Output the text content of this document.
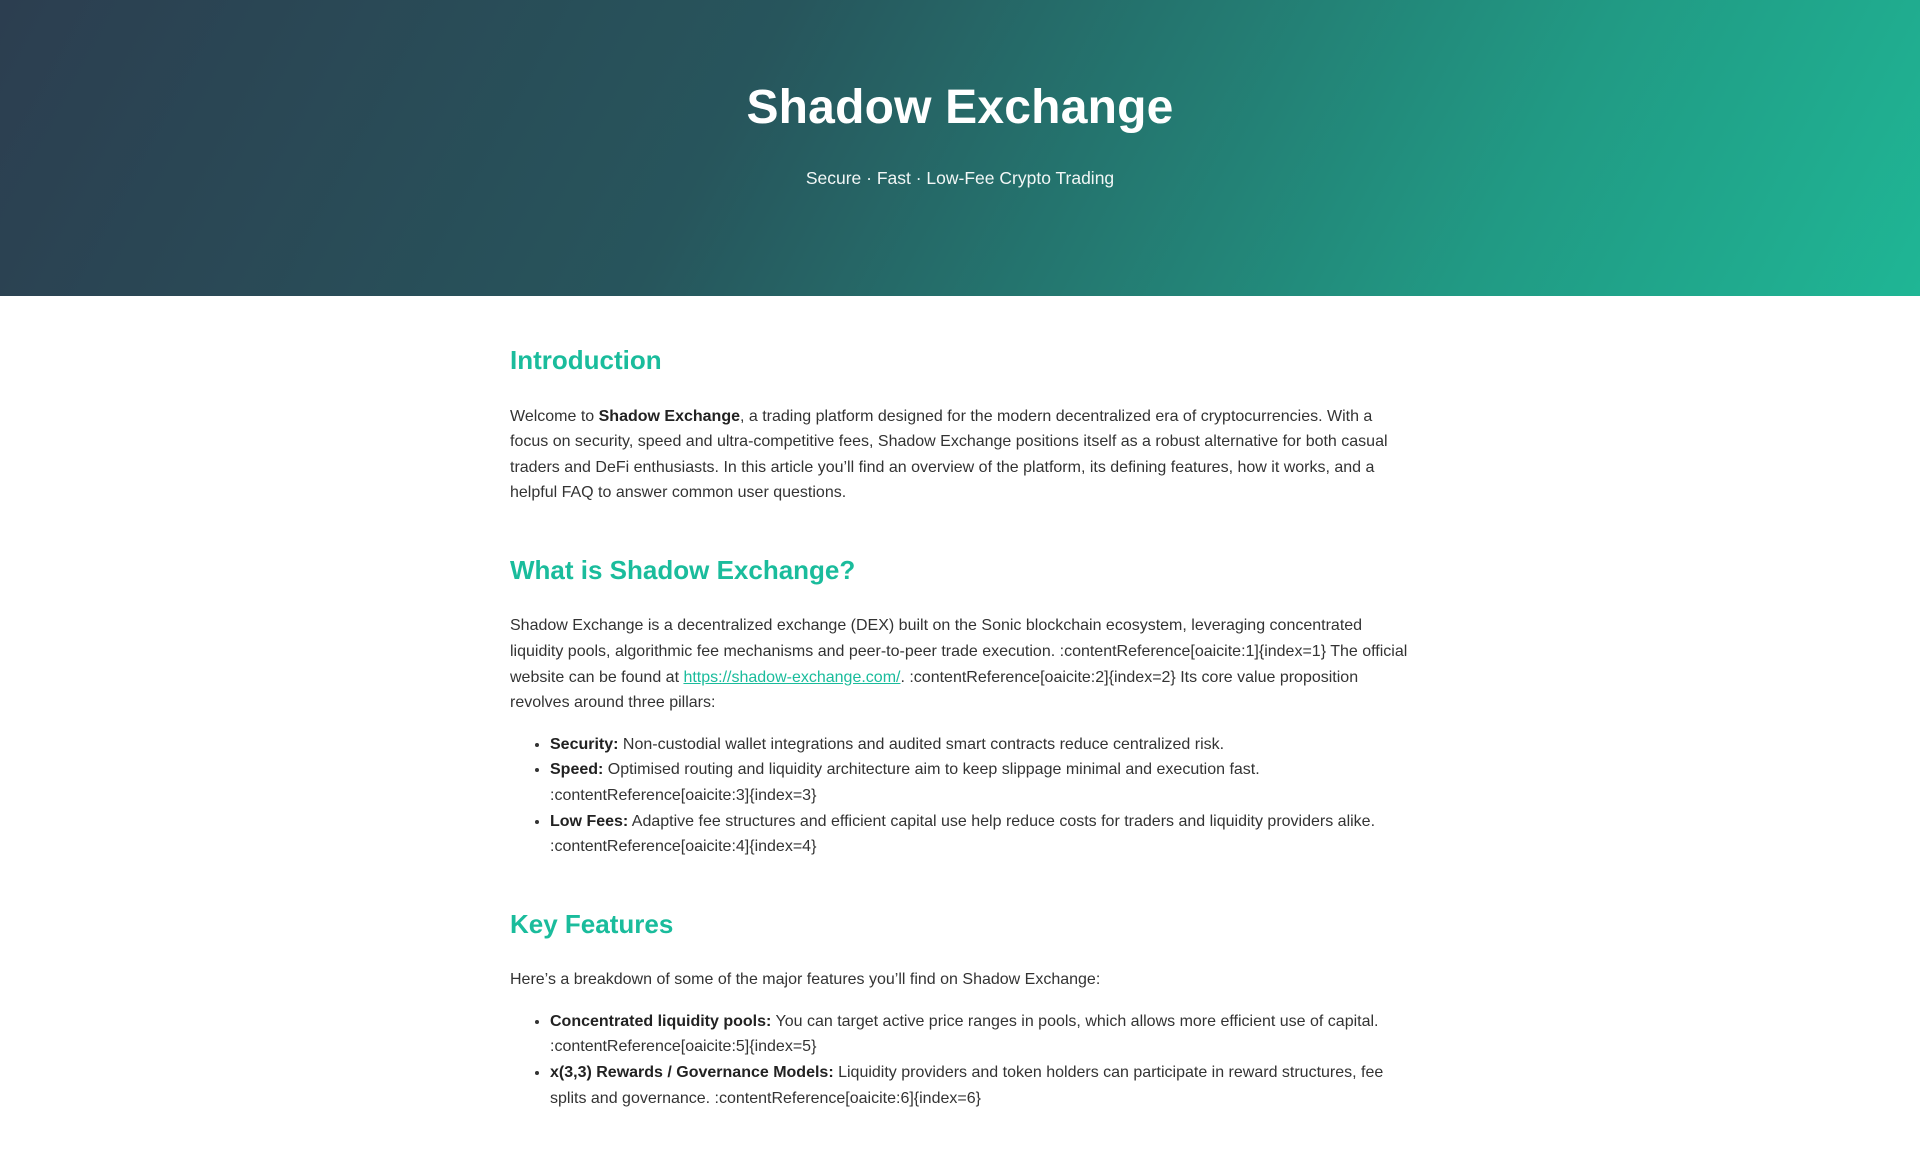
Shadow Exchange

Secure · Fast · Low-Fee Crypto Trading

Introduction

Welcome to Shadow Exchange, a trading platform designed for the modern decentralized era of cryptocurrencies. With a focus on security, speed and ultra-competitive fees, Shadow Exchange positions itself as a robust alternative for both casual traders and DeFi enthusiasts. In this article you’ll find an overview of the platform, its defining features, how it works, and a helpful FAQ to answer common user questions.

What is Shadow Exchange?

Shadow Exchange is a decentralized exchange (DEX) built on the Sonic blockchain ecosystem, leveraging concentrated liquidity pools, algorithmic fee mechanisms and peer-to-peer trade execution. :contentReference[oaicite:1]{index=1} The official website can be found at https://shadow-exchange.com/. :contentReference[oaicite:2]{index=2} Its core value proposition revolves around three pillars:

• Security: Non-custodial wallet integrations and audited smart contracts reduce centralized risk.
• Speed: Optimised routing and liquidity architecture aim to keep slippage minimal and execution fast. :contentReference[oaicite:3]{index=3}
• Low Fees: Adaptive fee structures and efficient capital use help reduce costs for traders and liquidity providers alike. :contentReference[oaicite:4]{index=4}
Key Features

Here’s a breakdown of some of the major features you’ll find on Shadow Exchange:

• Concentrated liquidity pools: You can target active price ranges in pools, which allows more efficient use of capital. :contentReference[oaicite:5]{index=5}
• x(3,3) Rewards / Governance Models: Liquidity providers and token holders can participate in reward structures, fee splits and governance. :contentReference[oaicite:6]{index=6}
